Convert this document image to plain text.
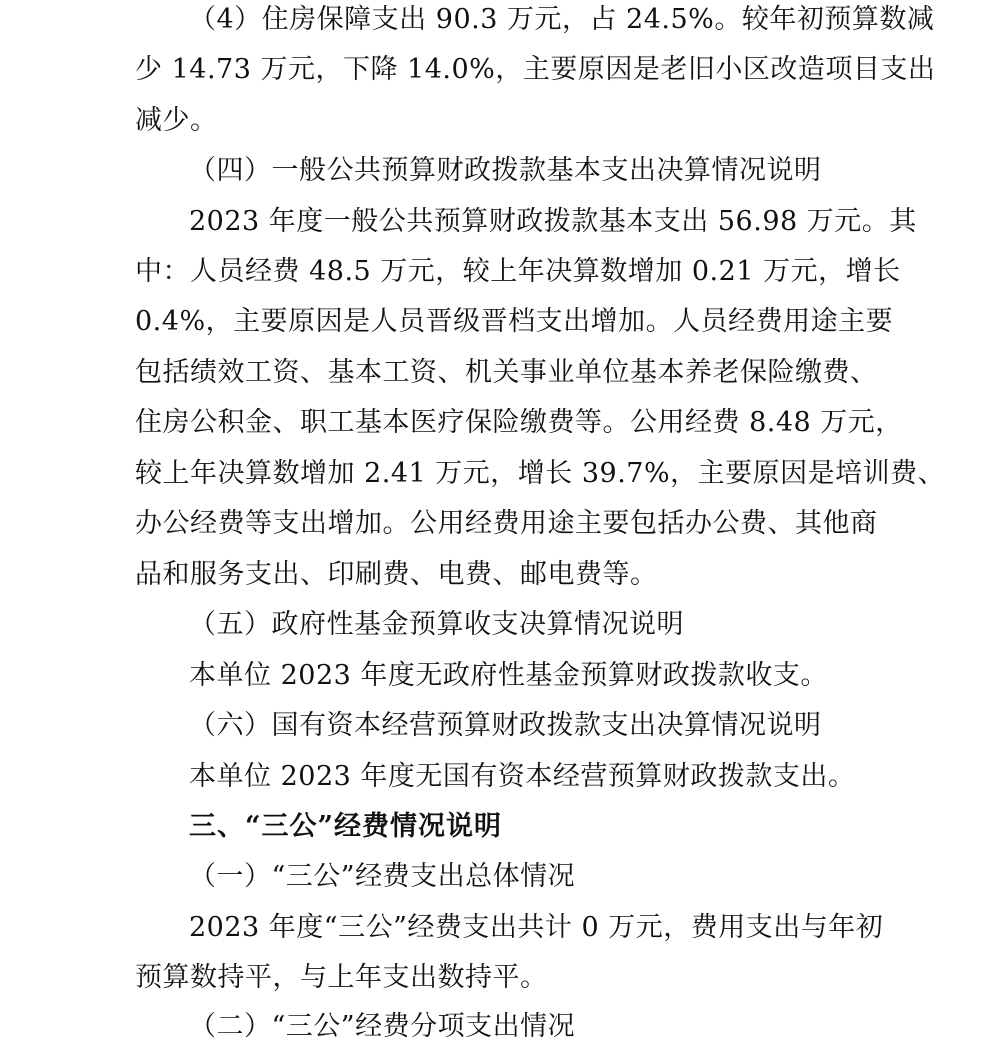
（4）住房保障支出 90.3 万元，占 24.5%。较年初预算数减
少 14.73 万元，下降 14.0%，主要原因是老旧小区改造项目支出
减少。
（四）一般公共预算财政拨款基本支出决算情况说明
2023 年度一般公共预算财政拨款基本支出 56.98 万元。其
中：人员经费 48.5 万元，较上年决算数增加 0.21 万元，增长
0.4%，主要原因是人员晋级晋档支出增加。人员经费用途主要
包括绩效工资、基本工资、机关事业单位基本养老保险缴费、
住房公积金、职工基本医疗保险缴费等。公用经费 8.48 万元，
较上年决算数增加 2.41 万元，增长 39.7%，主要原因是培训费、
办公经费等支出增加。公用经费用途主要包括办公费、其他商
品和服务支出、印刷费、电费、邮电费等。
（五）政府性基金预算收支决算情况说明
本单位 2023 年度无政府性基金预算财政拨款收支。
（六）国有资本经营预算财政拨款支出决算情况说明
本单位 2023 年度无国有资本经营预算财政拨款支出。
三、“三公”经费情况说明
（一）“三公”经费支出总体情况
2023 年度“三公”经费支出共计 0 万元，费用支出与年初
预算数持平，与上年支出数持平。
（二）“三公”经费分项支出情况
